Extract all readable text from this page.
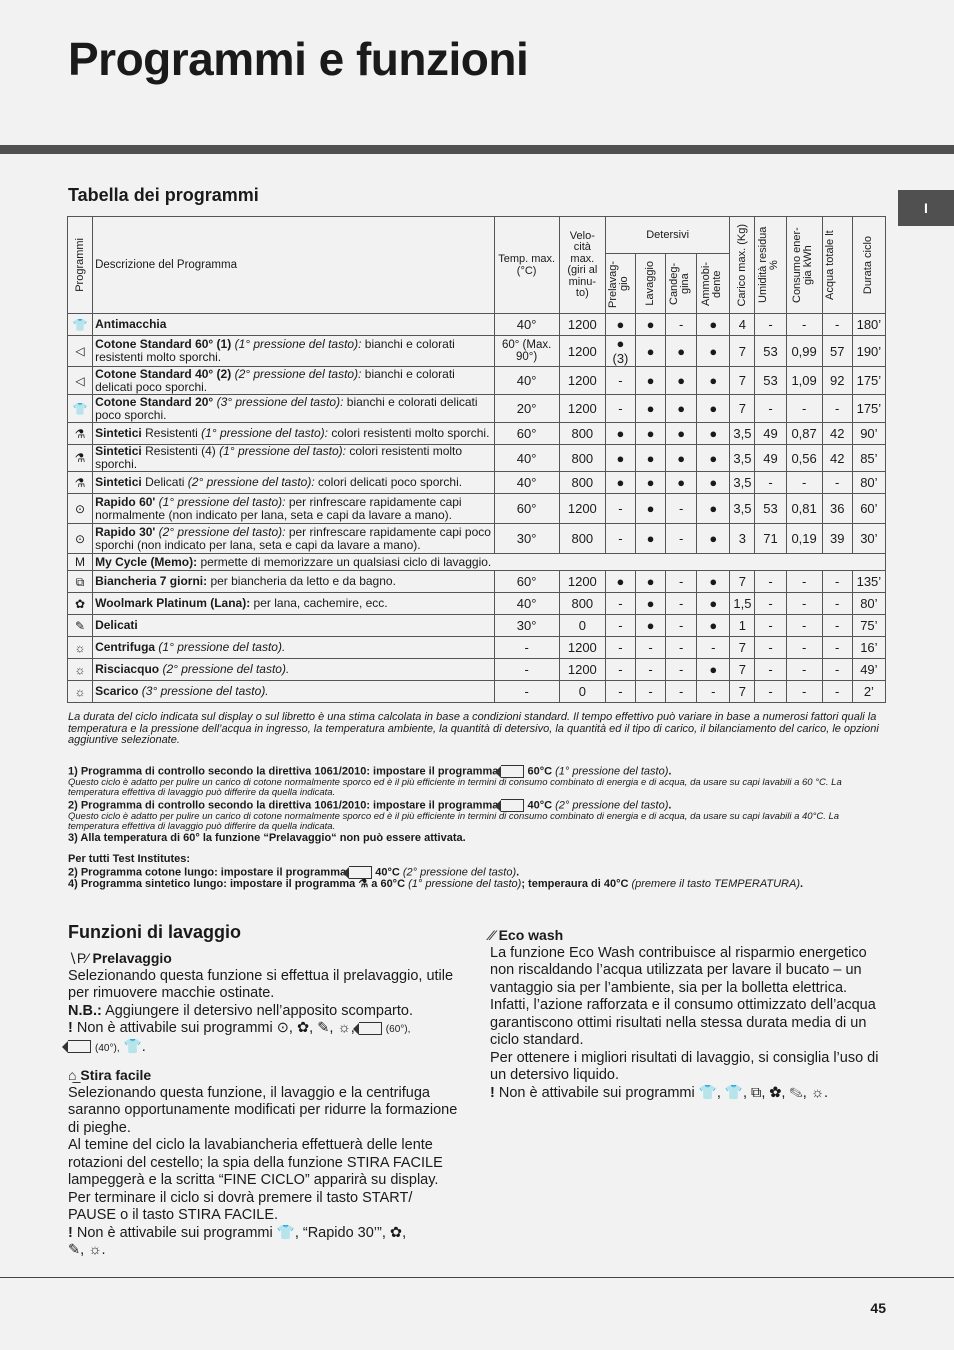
Programmi e funzioni
I
Tabella dei programmi
Programmi	Descrizione del Programma	Temp. max. (°C)	Velo- cità max. (giri al minu- to)	Detersivi				Carico max. (Kg)	Umidità residua %	Consumo ener- gia kWh	Acqua totale lt	Durata ciclo

				Prelavag- gio	Lavaggio	Candeg- gina	Ammobi- dente					

👕	Antimacchia	40°	1200	●	●	-	●	4	-	-	-	180’
◁	Cotone Standard 60° (1) (1° pressione del tasto): bianchi e colorati resistenti molto sporchi.	60° (Max. 90°)	1200	● (3)	●	●	●	7	53	0,99	57	190’
◁	Cotone Standard 40° (2) (2° pressione del tasto): bianchi e colorati delicati poco sporchi.	40°	1200	-	●	●	●	7	53	1,09	92	175’
👕	Cotone Standard 20° (3° pressione del tasto): bianchi e colorati delicati poco sporchi.	20°	1200	-	●	●	●	7	-	-	-	175’
⚗	Sintetici Resistenti (1° pressione del tasto): colori resistenti molto sporchi.	60°	800	●	●	●	●	3,5	49	0,87	42	90’
⚗	Sintetici Resistenti (4) (1° pressione del tasto): colori resistenti molto sporchi.	40°	800	●	●	●	●	3,5	49	0,56	42	85’
⚗	Sintetici Delicati (2° pressione del tasto): colori delicati poco sporchi.	40°	800	●	●	●	●	3,5	-	-	-	80’
⊙	Rapido 60' (1° pressione del tasto): per rinfrescare rapidamente capi normalmente (non indicato per lana, seta e capi da lavare a mano).	60°	1200	-	●	-	●	3,5	53	0,81	36	60’
⊙	Rapido 30' (2° pressione del tasto): per rinfrescare rapidamente capi poco sporchi (non indicato per lana, seta e capi da lavare a mano).	30°	800	-	●	-	●	3	71	0,19	39	30’
M	My Cycle (Memo): permette di memorizzare un qualsiasi ciclo di lavaggio.											
⧉	Biancheria 7 giorni: per biancheria da letto e da bagno.	60°	1200	●	●	-	●	7	-	-	-	135’
✿	Woolmark Platinum (Lana): per lana, cachemire, ecc.	40°	800	-	●	-	●	1,5	-	-	-	80’
✎	Delicati	30°	0	-	●	-	●	1	-	-	-	75’
☼	Centrifuga (1° pressione del tasto).	-	1200	-	-	-	-	7	-	-	-	16’
☼	Risciacquo (2° pressione del tasto).	-	1200	-	-	-	●	7	-	-	-	49’
☼	Scarico (3° pressione del tasto).	-	0	-	-	-	-	7	-	-	-	2’

La durata del ciclo indicata sul display o sul libretto è una stima calcolata in base a condizioni standard. Il tempo effettivo può variare in base a numerosi fattori quali la temperatura e la pressione dell’acqua in ingresso, la temperatura ambiente, la quantità di detersivo, la quantità ed il tipo di carico, il bilanciamento del carico, le opzioni aggiuntive selezionate.

1) Programma di controllo secondo la direttiva 1061/2010: impostare il programma  60°C (1° pressione del tasto).

Questo ciclo è adatto per pulire un carico di cotone normalmente sporco ed è il più efficiente in termini di consumo combinato di energia e di acqua, da usare su capi lavabili a 60 °C. La temperatura effettiva di lavaggio può differire da quella indicata.

2) Programma di controllo secondo la direttiva 1061/2010: impostare il programma  40°C (2° pressione del tasto).

Questo ciclo è adatto per pulire un carico di cotone normalmente sporco ed è il più efficiente in termini di consumo combinato di energia e di acqua, da usare su capi lavabili a 40°C. La temperatura effettiva di lavaggio può differire da quella indicata.

3) Alla temperatura di 60° la funzione “Prelavaggio“ non può essere attivata.

Per tutti Test Institutes:

2) Programma cotone lungo: impostare il programma  40°C (2° pressione del tasto).

4) Programma sintetico lungo: impostare il programma ⚗ a 60°C (1° pressione del tasto); temperaura di 40°C (premere il tasto TEMPERATURA).

Funzioni di lavaggio
∖P⁄ Prelavaggio

Selezionando questa funzione si effettua il prelavaggio, utile per rimuovere macchie ostinate.

N.B.: Aggiungere il detersivo nell’apposito scomparto.

! Non è attivabile sui programmi ⊙, ✿, ✎, ☼,	(60°),
(40°), 👕.

⌂̲ Stira facile

Selezionando questa funzione, il lavaggio e la centrifuga saranno opportunamente modificati per ridurre la formazione di pieghe.

Al temine del ciclo la lavabiancheria effettuerà delle lente rotazioni del cestello; la spia della funzione STIRA FACILE lampeggerà e la scritta “FINE CICLO” apparirà su display. Per terminare il ciclo si dovrà premere il tasto START/ PAUSE o il tasto STIRA FACILE.

! Non è attivabile sui programmi 👕, “Rapido 30’”, ✿,
✎, ☼.

⁄⁄ Eco wash

La funzione Eco Wash contribuisce al risparmio energetico non riscaldando l’acqua utilizzata per lavare il bucato – un vantaggio sia per l’ambiente, sia per la bolletta elettrica. Infatti, l’azione rafforzata e il consumo ottimizzato dell’acqua garantiscono ottimi risultati nella stessa durata media di un ciclo standard.

Per ottenere i migliori risultati di lavaggio, si consiglia l’uso di un detersivo liquido.

! Non è attivabile sui programmi 👕, 👕, ⧉, ✿, ✎, ☼.

45
